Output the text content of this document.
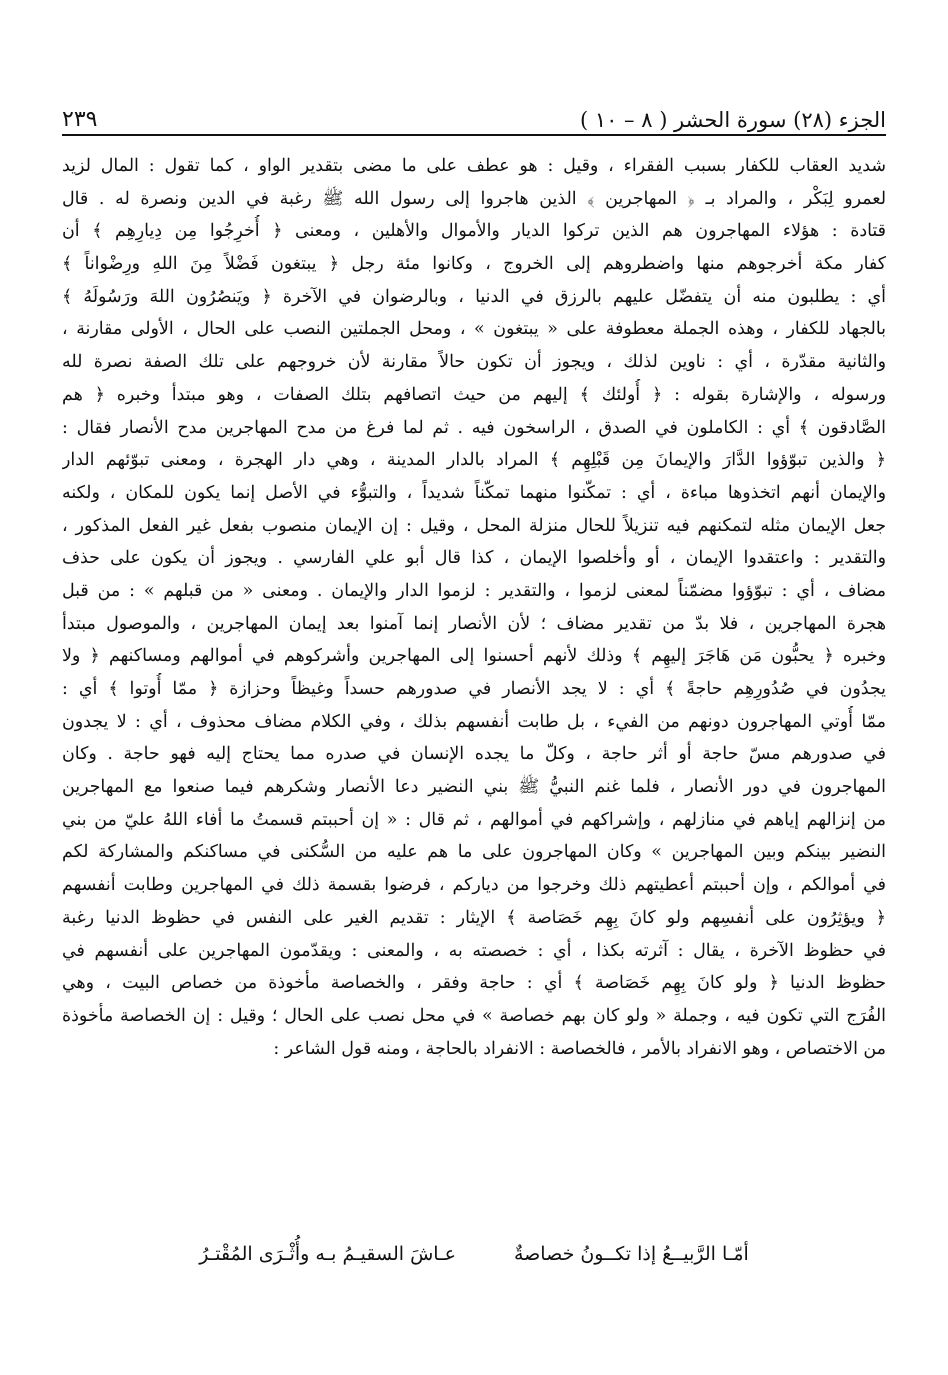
الجزء (٢٨) سورة الحشر ( ٨ – ١٠ )
٢٣٩
شديد العقاب للكفار بسبب الفقراء ، وقيل : هو عطف على ما مضى بتقدير الواو ، كما تقول : المال لزيد
لعمرو لِبَكْر ، والمراد بـ ﴿ المهاجرين ﴾ الذين هاجروا إلى رسول الله ﷺ رغبة في الدين ونصرة له . قال
قتادة : هؤلاء المهاجرون هم الذين تركوا الديار والأموال والأهلين ، ومعنى ﴿ أُخرِجُوا مِن دِيارِهِم ﴾ أن
كفار مكة أخرجوهم منها واضطروهم إلى الخروج ، وكانوا مئة رجل ﴿ يبتغون فَضْلاً مِنَ اللهِ ورِضْواناً ﴾
أي : يطلبون منه أن يتفضّل عليهم بالرزق في الدنيا ، وبالرضوان في الآخرة ﴿ ويَنصُرُون اللهَ ورَسُولَهُ ﴾
بالجهاد للكفار ، وهذه الجملة معطوفة على « يبتغون » ، ومحل الجملتين النصب على الحال ، الأولى مقارنة ،
والثانية مقدّرة ، أي : ناوين لذلك ، ويجوز أن تكون حالاً مقارنة لأن خروجهم على تلك الصفة نصرة لله
ورسوله ، والإشارة بقوله : ﴿ أُولئك ﴾ إليهم من حيث اتصافهم بتلك الصفات ، وهو مبتدأ وخبره ﴿ هم
الصَّادقون ﴾ أي : الكاملون في الصدق ، الراسخون فيه . ثم لما فرغ من مدح المهاجرين مدح الأنصار فقال :
﴿ والذين تبوّؤوا الدَّارَ والإيمانَ مِن قَبْلِهِم ﴾ المراد بالدار المدينة ، وهي دار الهجرة ، ومعنى تبوّئهم الدار
والإيمان أنهم اتخذوها مباءة ، أي : تمكّنوا منهما تمكّناً شديداً ، والتبوُّء في الأصل إنما يكون للمكان ، ولكنه
جعل الإيمان مثله لتمكنهم فيه تنزيلاً للحال منزلة المحل ، وقيل : إن الإيمان منصوب بفعل غير الفعل المذكور ،
والتقدير : واعتقدوا الإيمان ، أو وأخلصوا الإيمان ، كذا قال أبو علي الفارسي . ويجوز أن يكون على حذف
مضاف ، أي : تبوّؤوا مضمّناً لمعنى لزموا ، والتقدير : لزموا الدار والإيمان . ومعنى « من قبلهم » : من قبل
هجرة المهاجرين ، فلا بدّ من تقدير مضاف ؛ لأن الأنصار إنما آمنوا بعد إيمان المهاجرين ، والموصول مبتدأ
وخبره ﴿ يحبُّون مَن هَاجَرَ إليهِم ﴾ وذلك لأنهم أحسنوا إلى المهاجرين وأشركوهم في أموالهم ومساكنهم ﴿ ولا
يجدُون في صُدُورِهِم حاجةً ﴾ أي : لا يجد الأنصار في صدورهم حسداً وغيظاً وحزازة ﴿ ممّا أُوتوا ﴾ أي :
ممّا أُوتي المهاجرون دونهم من الفيء ، بل طابت أنفسهم بذلك ، وفي الكلام مضاف محذوف ، أي : لا يجدون
في صدورهم مسّ حاجة أو أثر حاجة ، وكلّ ما يجده الإنسان في صدره مما يحتاج إليه فهو حاجة . وكان
المهاجرون في دور الأنصار ، فلما غنم النبيُّ ﷺ بني النضير دعا الأنصار وشكرهم فيما صنعوا مع المهاجرين
من إنزالهم إياهم في منازلهم ، وإشراكهم في أموالهم ، ثم قال : « إن أحببتم قسمتُ ما أفاء اللهُ عليّ من بني
النضير بينكم وبين المهاجرين » وكان المهاجرون على ما هم عليه من السُّكنى في مساكنكم والمشاركة لكم
في أموالكم ، وإن أحببتم أعطيتهم ذلك وخرجوا من دياركم ، فرضوا بقسمة ذلك في المهاجرين وطابت أنفسهم
﴿ ويؤثِرُون على أنفسِهم ولو كانَ بِهِم خَصَاصة ﴾ الإيثار : تقديم الغير على النفس في حظوظ الدنيا رغبة
في حظوظ الآخرة ، يقال : آثرته بكذا ، أي : خصصته به ، والمعنى : ويقدّمون المهاجرين على أنفسهم في
حظوظ الدنيا ﴿ ولو كانَ بِهِم خَصَاصة ﴾ أي : حاجة وفقر ، والخصاصة مأخوذة من خصاص البيت ، وهي
الفُرَج التي تكون فيه ، وجملة « ولو كان بهم خصاصة » في محل نصب على الحال ؛ وقيل : إن الخصاصة مأخوذة
من الاختصاص ، وهو الانفراد بالأمر ، فالخصاصة : الانفراد بالحاجة ، ومنه قول الشاعر :
أمّـا الرَّبيــعُ إذا تكــونُ خصاصةٌ
عـاشَ السقيـمُ بـه وأُثْـرَى المُقْتـرُ
